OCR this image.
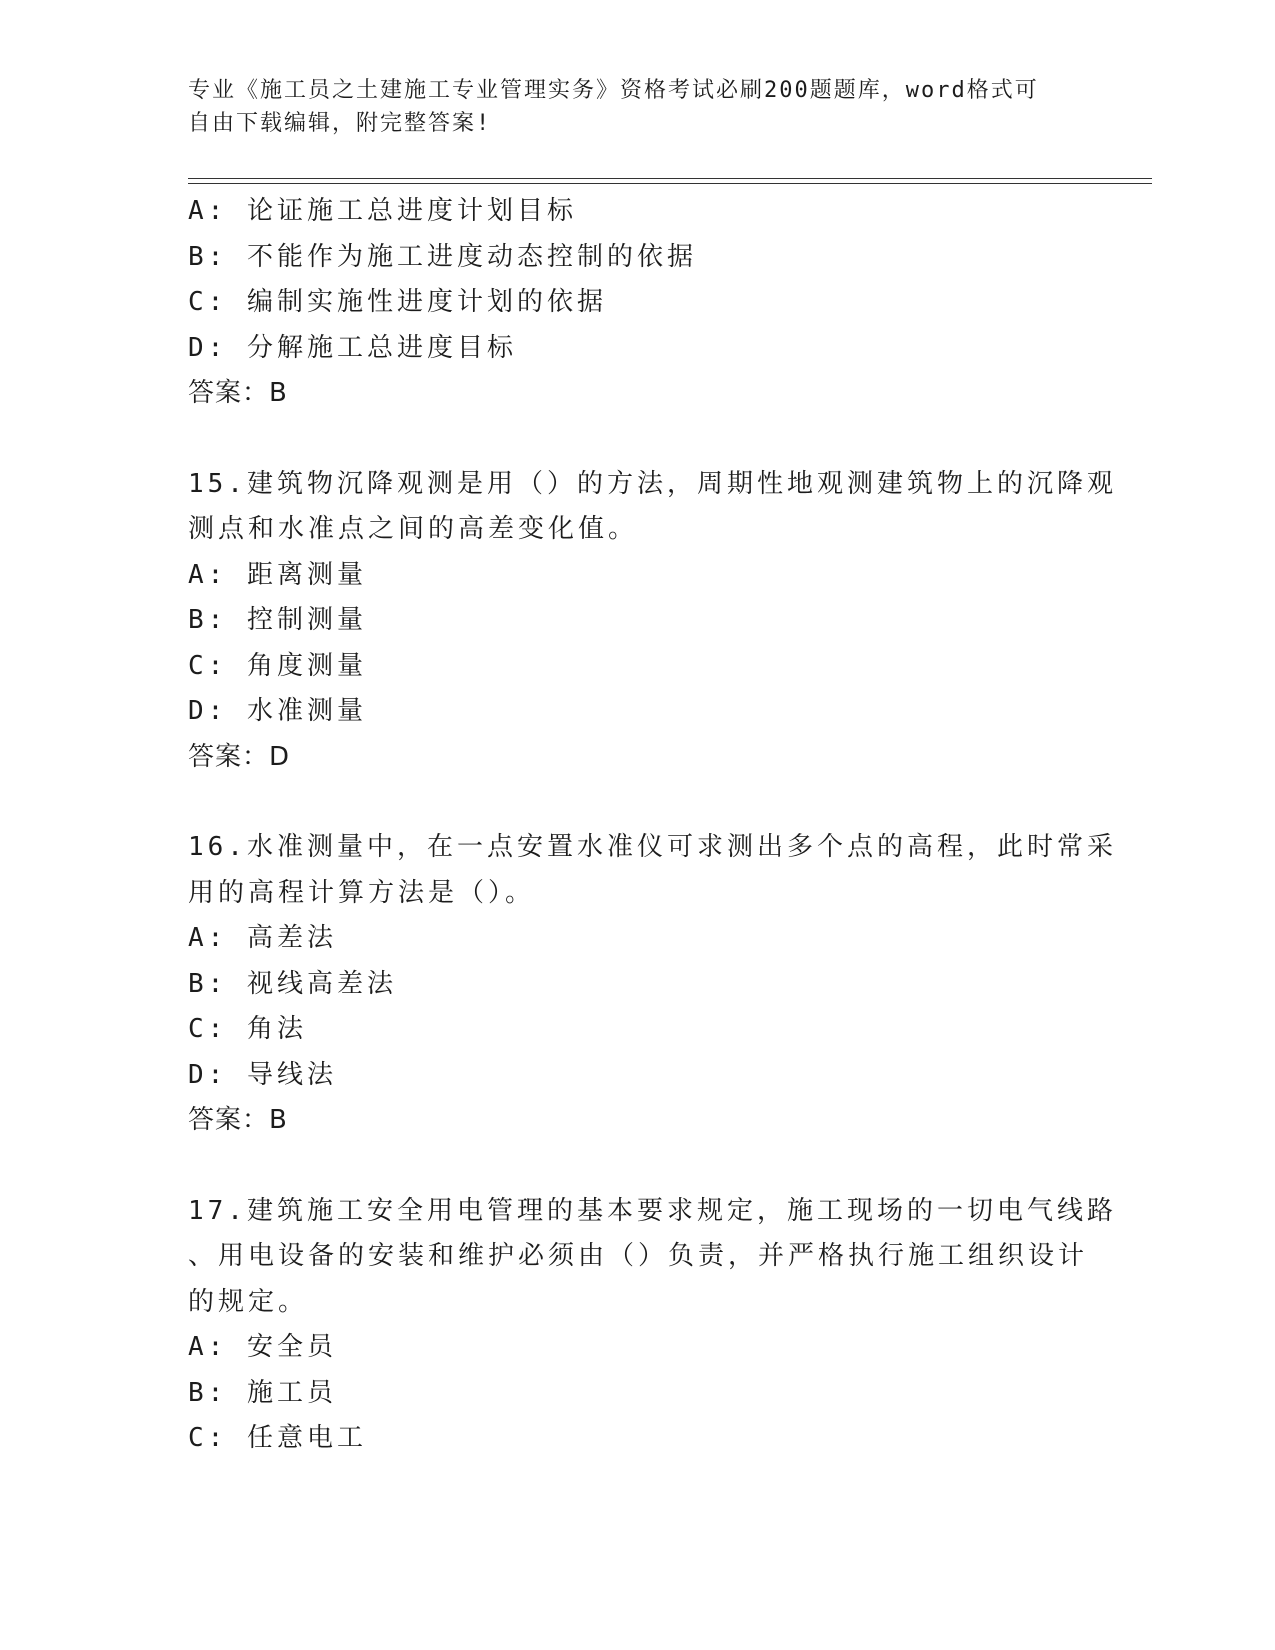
专业《施工员之土建施工专业管理实务》资格考试必刷200题题库，word格式可
自由下载编辑，附完整答案!
A: 论证施工总进度计划目标
B: 不能作为施工进度动态控制的依据
C: 编制实施性进度计划的依据
D: 分解施工总进度目标
答案：B
15.建筑物沉降观测是用（）的方法，周期性地观测建筑物上的沉降观
测点和水准点之间的高差变化值。
A: 距离测量
B: 控制测量
C: 角度测量
D: 水准测量
答案：D
16.水准测量中，在一点安置水准仪可求测出多个点的高程，此时常采
用的高程计算方法是（）。
A: 高差法
B: 视线高差法
C: 角法
D: 导线法
答案：B
17.建筑施工安全用电管理的基本要求规定，施工现场的一切电气线路
、用电设备的安装和维护必须由（）负责，并严格执行施工组织设计
的规定。
A: 安全员
B: 施工员
C: 任意电工
